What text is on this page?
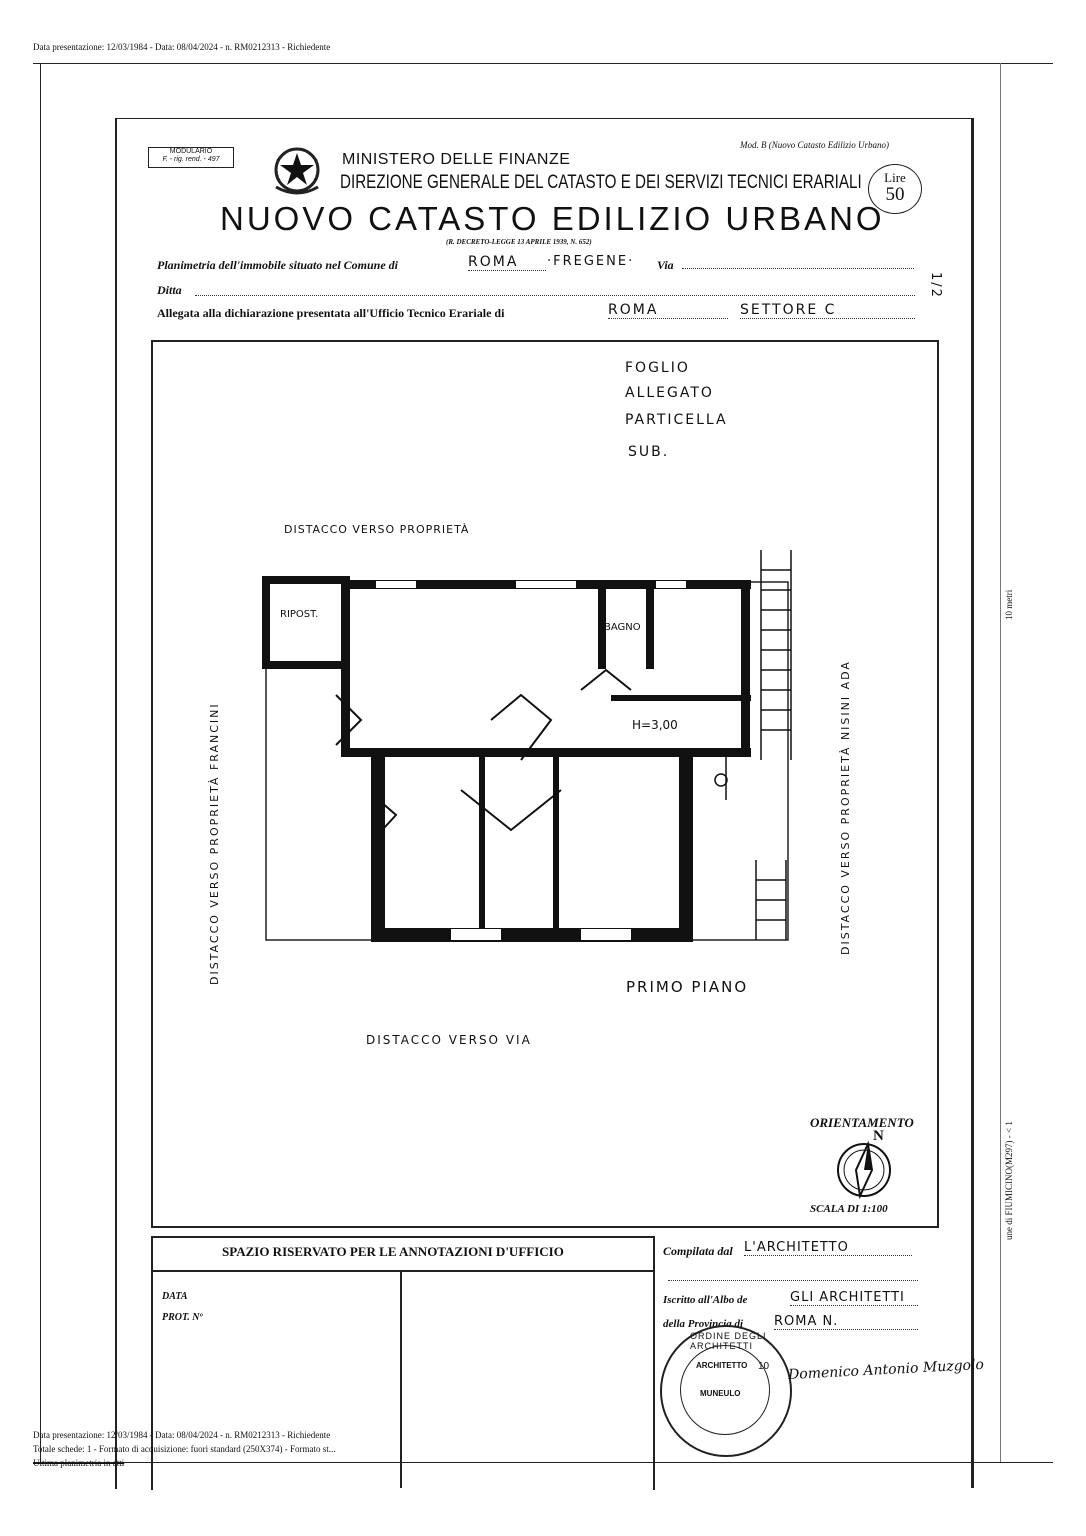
Data presentazione: 12/03/1984 - Data: 08/04/2024 - n. RM0212313 - Richiedente
MODULARIO
F. - rig. rend. - 497	MINISTERO DELLE FINANZE
Mod. B (Nuovo Catasto Edilizio Urbano)
DIREZIONE GENERALE DEL CATASTO E DEI SERVIZI TECNICI ERARIALI	Lire
50
NUOVO CATASTO EDILIZIO URBANO
(R. DECRETO-LEGGE 13 APRILE 1939, N. 652)
Planimetria dell'immobile situato nel Comune di	ROMA	·FREGENE· Via
Ditta	1/2
Allegata alla dichiarazione presentata all'Ufficio Tecnico Erariale di	ROMA	SETTORE C
FOGLIO
ALLEGATO
PARTICELLA
SUB.
DISTACCO VERSO PROPRIETÀ
RIPOST.
BAGNO
H=3,00
DISTACCO VERSO PROPRIETÀ FRANCINI	DISTACCO VERSO PROPRIETÀ NISINI ADA
PRIMO PIANO
DISTACCO VERSO VIA
ORIENTAMENTO
N
SCALA DI 1:100
SPAZIO RISERVATO PER LE ANNOTAZIONI D'UFFICIO
DATA
PROT. Nº
Compilata dal L'ARCHITETTO
Iscritto all'Albo de	GLI ARCHITETTI
della Provincia di ROMA N.
ORDINE DEGLI ARCHITETTI
ARCHITETTO
MUNEULO
10 Domenico Antonio Muzgolo
10 metri
une di FIUMICINO(M297) - < 1
Data presentazione: 12/03/1984 - Data: 08/04/2024 - n. RM0212313 - Richiedente
Totale schede: 1 - Formato di acquisizione: fuori standard (250X374) - Formato st...
Ultima planimetria in atti
